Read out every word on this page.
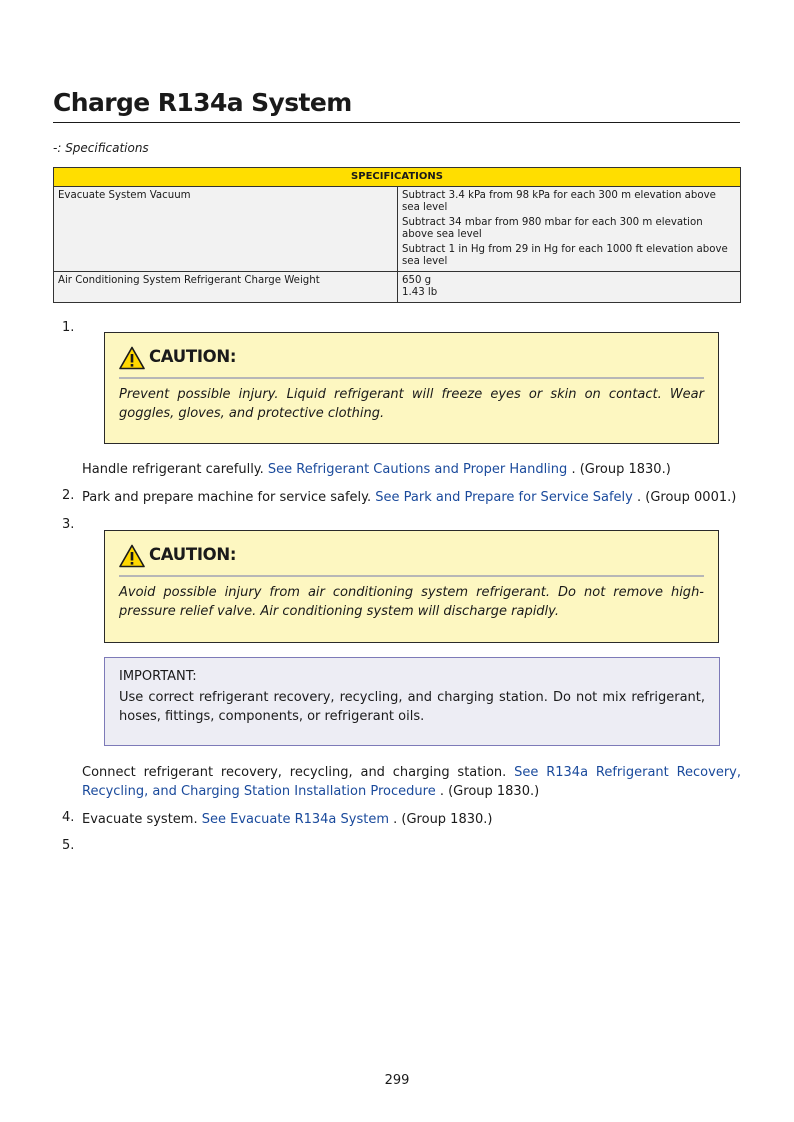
Charge R134a System

-: Specifications

SPECIFICATIONS	
Evacuate System Vacuum	Subtract 3.4 kPa from 98 kPa for each 300 m elevation above sea level

Subtract 34 mbar from 980 mbar for each 300 m elevation above sea level

Subtract 1 in Hg from 29 in Hg for each 1000 ft elevation above sea level

Air Conditioning System Refrigerant Charge Weight	650 g

1.43 lb

1.

CAUTION:

Prevent possible injury. Liquid refrigerant will freeze eyes or skin on contact. Wear goggles, gloves, and protective clothing.

Handle refrigerant carefully. See Refrigerant Cautions and Proper Handling . (Group 1830.)

2. Park and prepare machine for service safely. See Park and Prepare for Service Safely . (Group 0001.)

3.

CAUTION:

Avoid possible injury from air conditioning system refrigerant. Do not remove high-pressure relief valve. Air conditioning system will discharge rapidly.

IMPORTANT:

Use correct refrigerant recovery, recycling, and charging station. Do not mix refrigerant, hoses, fittings, components, or refrigerant oils.

Connect refrigerant recovery, recycling, and charging station. See R134a Refrigerant Recovery, Recycling, and Charging Station Installation Procedure . (Group 1830.)

4. Evacuate system. See Evacuate R134a System . (Group 1830.)

5.

299
